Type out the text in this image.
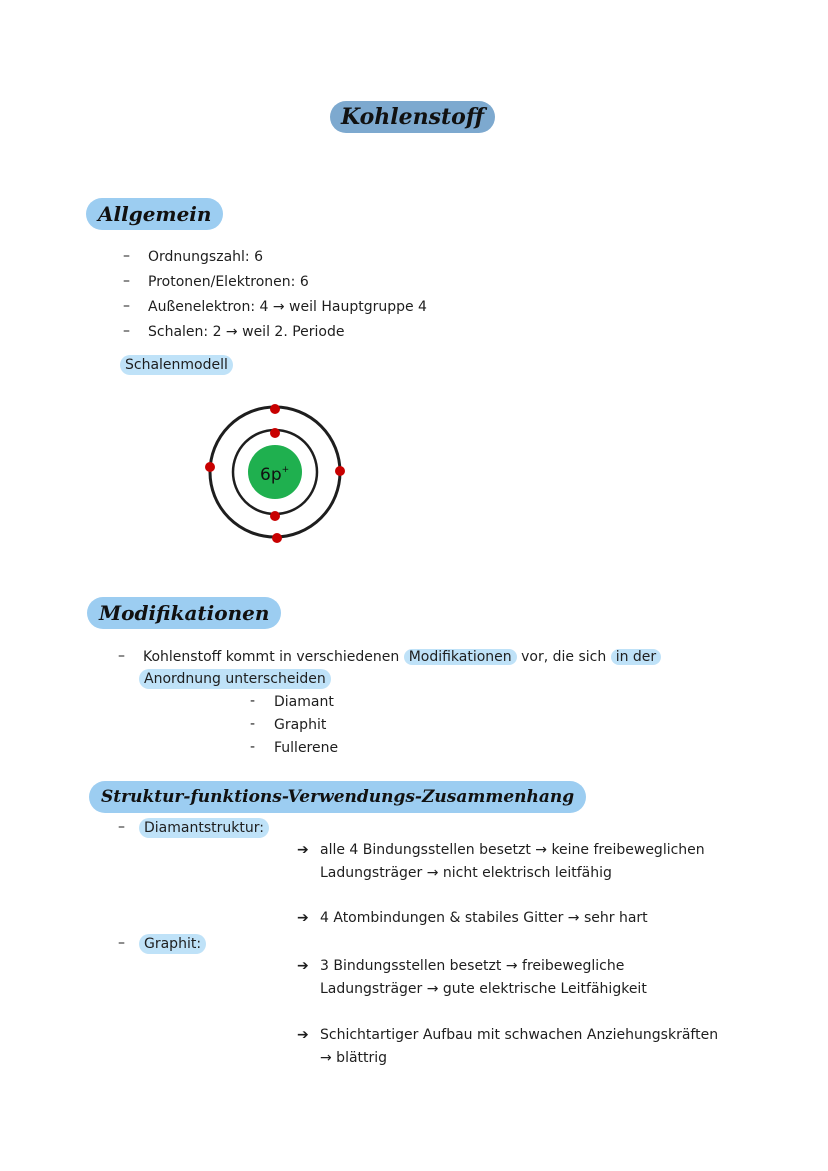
Kohlenstoff
Allgemein
– Ordnungszahl: 6
– Protonen/Elektronen: 6
– Außenelektron: 4 → weil Hauptgruppe 4
– Schalen: 2 → weil 2. Periode
Schalenmodell
6p+
Modifikationen
– Kohlenstoff kommt in verschiedenen Modifikationen vor, die sich in der
Anordnung unterscheiden
- Diamant
- Graphit
- Fullerene
Struktur-funktions-Verwendungs-Zusammenhang
–	Diamantstruktur:
➔ alle 4 Bindungsstellen besetzt → keine freibeweglichen
Ladungsträger → nicht elektrisch leitfähig
➔ 4 Atombindungen & stabiles Gitter → sehr hart
–	Graphit:
➔ 3 Bindungsstellen besetzt → freibewegliche
Ladungsträger → gute elektrische Leitfähigkeit
➔ Schichtartiger Aufbau mit schwachen Anziehungskräften
→ blättrig
